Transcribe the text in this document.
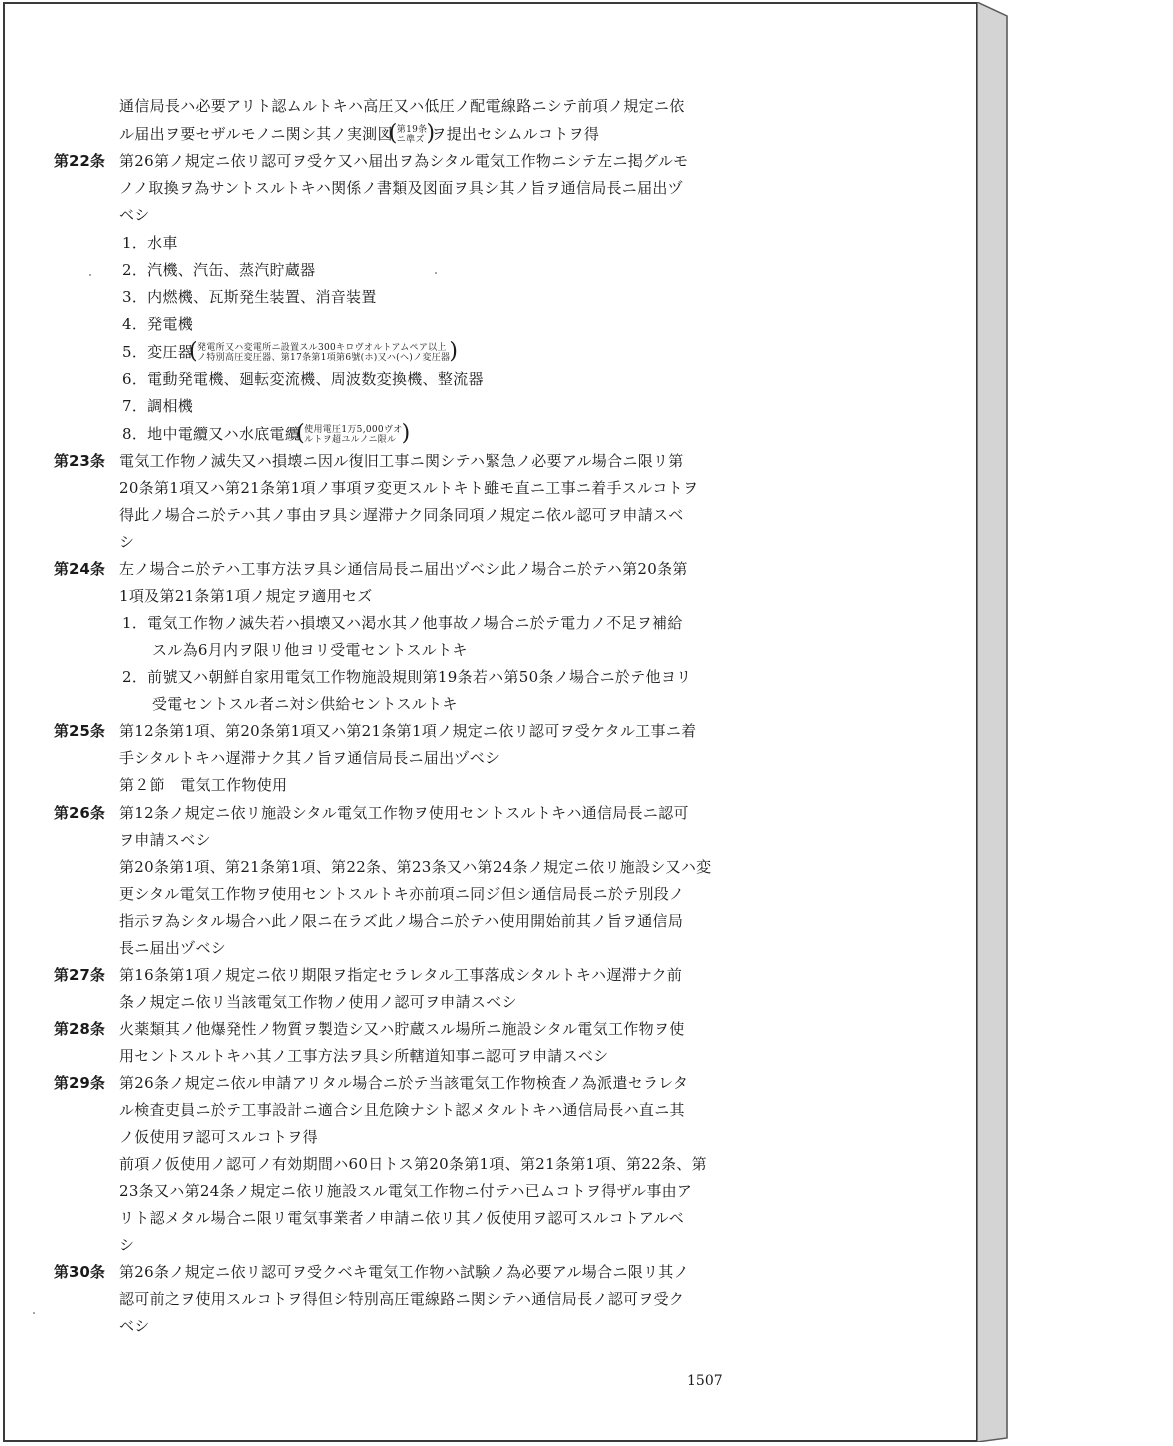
通信局長ハ必要アリト認ムルトキハ高圧又ハ低圧ノ配電線路ニシテ前項ノ規定ニ依
ル届出ヲ要セザルモノニ関シ其ノ実測図 ( 第19条
ニ準ズ
) ヲ提出セシムルコトヲ得
第22条 第26第ノ規定ニ依リ認可ヲ受ケ又ハ届出ヲ為シタル電気工作物ニシテ左ニ掲グルモ
ノノ取換ヲ為サントスルトキハ関係ノ書類及図面ヲ具シ其ノ旨ヲ通信局長ニ届出ヅ
ベシ
1．水車
2．汽機、汽缶、蒸汽貯蔵器
3．内燃機、瓦斯発生装置、消音装置
4．発電機
5．変圧器 ( 発電所又ハ変電所ニ設置スル300キロヴオルトアムペア以上
ノ特別高圧変圧器、第17条第1項第6號(ホ)又ハ(ヘ)ノ変圧器
)
6．電動発電機、廻転変流機、周波数変換機、整流器
7．調相機
8．地中電纜又ハ水底電纜 ( 使用電圧1万5,000ヴオ
ルトヲ超ユルノニ限ル
)
第23条 電気工作物ノ滅失又ハ損壊ニ因ル復旧工事ニ関シテハ緊急ノ必要アル場合ニ限リ第
20条第1項又ハ第21条第1項ノ事項ヲ変更スルトキト雖モ直ニ工事ニ着手スルコトヲ
得此ノ場合ニ於テハ其ノ事由ヲ具シ遅滞ナク同条同項ノ規定ニ依ル認可ヲ申請スベ
シ
第24条 左ノ場合ニ於テハ工事方法ヲ具シ通信局長ニ届出ヅベシ此ノ場合ニ於テハ第20条第
1項及第21条第1項ノ規定ヲ適用セズ
1．電気工作物ノ滅失若ハ損壊又ハ渇水其ノ他事故ノ場合ニ於テ電力ノ不足ヲ補給
スル為6月内ヲ限リ他ヨリ受電セントスルトキ
2．前號又ハ朝鮮自家用電気工作物施設規則第19条若ハ第50条ノ場合ニ於テ他ヨリ
受電セントスル者ニ対シ供給セントスルトキ
第25条 第12条第1項、第20条第1項又ハ第21条第1項ノ規定ニ依リ認可ヲ受ケタル工事ニ着
手シタルトキハ遅滞ナク其ノ旨ヲ通信局長ニ届出ヅベシ
第２節　電気工作物使用
第26条 第12条ノ規定ニ依リ施設シタル電気工作物ヲ使用セントスルトキハ通信局長ニ認可
ヲ申請スベシ
第20条第1項、第21条第1項、第22条、第23条又ハ第24条ノ規定ニ依リ施設シ又ハ変
更シタル電気工作物ヲ使用セントスルトキ亦前項ニ同ジ但シ通信局長ニ於テ別段ノ
指示ヲ為シタル場合ハ此ノ限ニ在ラズ此ノ場合ニ於テハ使用開始前其ノ旨ヲ通信局
長ニ届出ヅベシ
第27条 第16条第1項ノ規定ニ依リ期限ヲ指定セラレタル工事落成シタルトキハ遅滞ナク前
条ノ規定ニ依リ当該電気工作物ノ使用ノ認可ヲ申請スベシ
第28条 火薬類其ノ他爆発性ノ物質ヲ製造シ又ハ貯蔵スル場所ニ施設シタル電気工作物ヲ使
用セントスルトキハ其ノ工事方法ヲ具シ所轄道知事ニ認可ヲ申請スベシ
第29条 第26条ノ規定ニ依ル申請アリタル場合ニ於テ当該電気工作物検査ノ為派遣セラレタ
ル検査吏員ニ於テ工事設計ニ適合シ且危険ナシト認メタルトキハ通信局長ハ直ニ其
ノ仮使用ヲ認可スルコトヲ得
前項ノ仮使用ノ認可ノ有効期間ハ60日トス第20条第1項、第21条第1項、第22条、第
23条又ハ第24条ノ規定ニ依リ施設スル電気工作物ニ付テハ已ムコトヲ得ザル事由ア
リト認メタル場合ニ限リ電気事業者ノ申請ニ依リ其ノ仮使用ヲ認可スルコトアルベ
シ
第30条 第26条ノ規定ニ依リ認可ヲ受クベキ電気工作物ハ試験ノ為必要アル場合ニ限リ其ノ
認可前之ヲ使用スルコトヲ得但シ特別高圧電線路ニ関シテハ通信局長ノ認可ヲ受ク
ベシ
1507
